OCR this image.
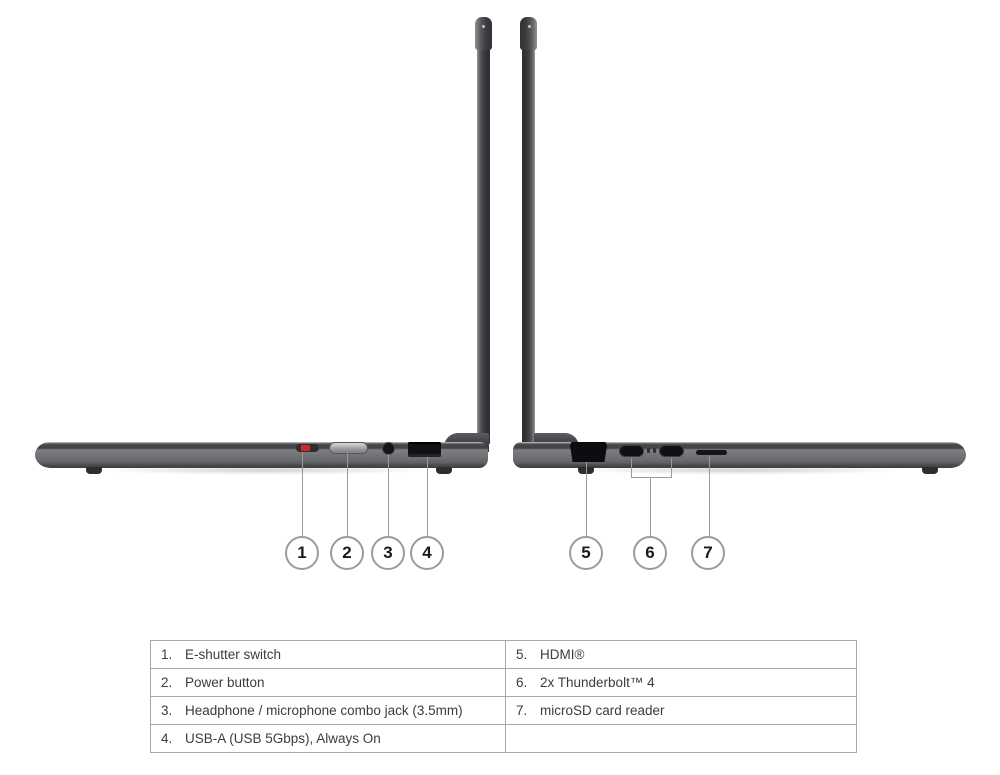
1 2 3 4	5	6	7
1 . E-shutter switch	5 . HDMI®
2 . Power button	6 . 2x Thunderbolt™ 4
3 . Headphone / microphone combo jack (3.5mm)	7 . microSD card reader
4 . USB-A (USB 5Gbps), Always On	
